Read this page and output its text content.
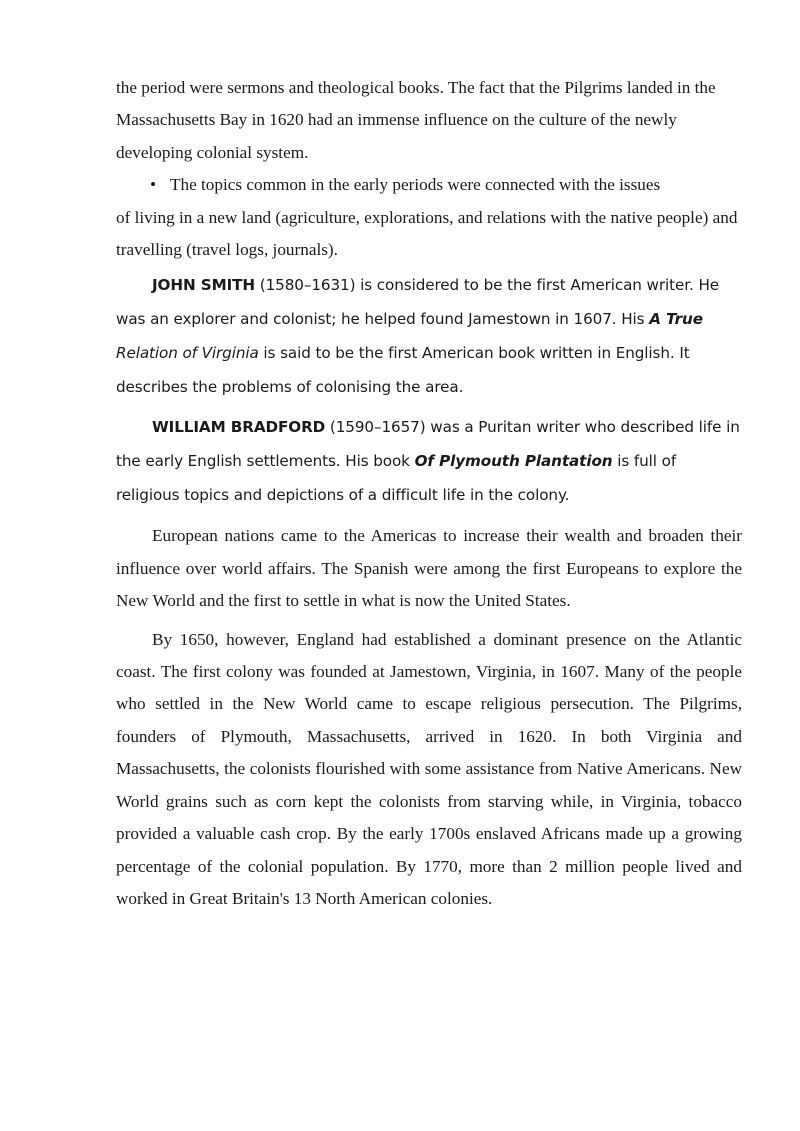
the period were sermons and theological books. The fact that the Pilgrims landed in the Massachusetts Bay in 1620 had an immense influence on the culture of the newly developing colonial system.

• The topics common in the early periods were connected with the issues

of living in a new land (agriculture, explorations, and relations with the native people) and travelling (travel logs, journals).

JOHN SMITH (1580–1631) is considered to be the first American writer. He was an explorer and colonist; he helped found Jamestown in 1607. His A True
Relation of Virginia is said to be the first American book written in English. It describes the problems of colonising the area.

WILLIAM BRADFORD (1590–1657) was a Puritan writer who described life in the early English settlements. His book Of Plymouth Plantation is full of religious topics and depictions of a difficult life in the colony.

European nations came to the Americas to increase their wealth and broaden their influence over world affairs. The Spanish were among the first Europeans to explore the New World and the first to settle in what is now the United States.

By 1650, however, England had established a dominant presence on the Atlantic coast. The first colony was founded at Jamestown, Virginia, in 1607. Many of the people who settled in the New World came to escape religious persecution. The Pilgrims, founders of Plymouth, Massachusetts, arrived in 1620. In both Virginia and Massachusetts, the colonists flourished with some assistance from Native Americans. New World grains such as corn kept the colonists from starving while, in Virginia, tobacco provided a valuable cash crop. By the early 1700s enslaved Africans made up a growing percentage of the colonial population. By 1770, more than 2 million people lived and worked in Great Britain's 13 North American colonies.
